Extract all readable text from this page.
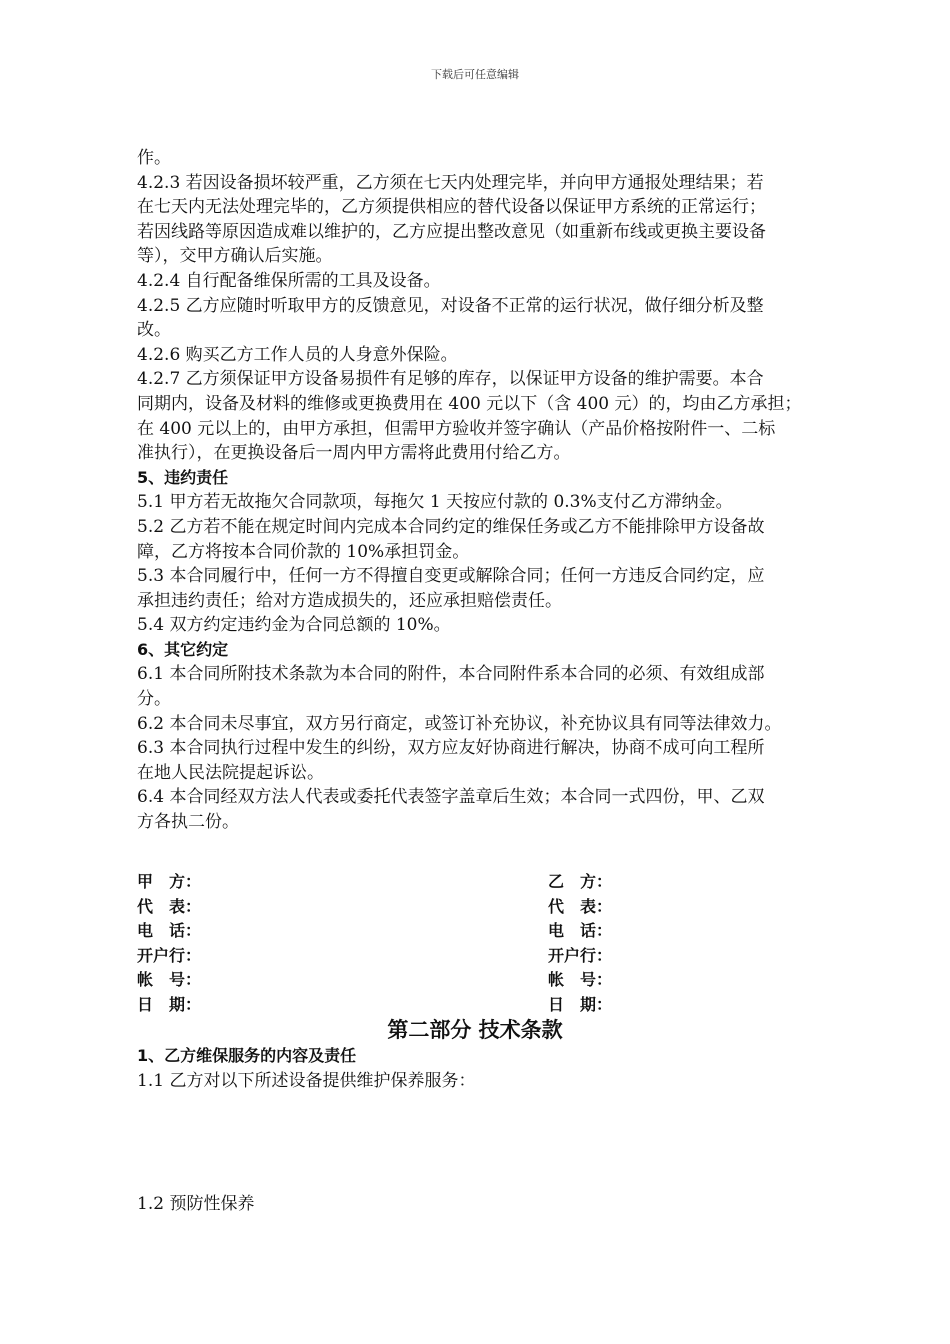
下载后可任意编辑
作。
4.2.3 若因设备损坏较严重，乙方须在七天内处理完毕，并向甲方通报处理结果；若
在七天内无法处理完毕的，乙方须提供相应的替代设备以保证甲方系统的正常运行；
若因线路等原因造成难以维护的，乙方应提出整改意见（如重新布线或更换主要设备
等），交甲方确认后实施。
4.2.4 自行配备维保所需的工具及设备。
4.2.5 乙方应随时听取甲方的反馈意见，对设备不正常的运行状况，做仔细分析及整
改。
4.2.6 购买乙方工作人员的人身意外保险。
4.2.7 乙方须保证甲方设备易损件有足够的库存，以保证甲方设备的维护需要。本合
同期内，设备及材料的维修或更换费用在 400 元以下（含 400 元）的，均由乙方承担；
在 400 元以上的，由甲方承担，但需甲方验收并签字确认（产品价格按附件一、二标
准执行），在更换设备后一周内甲方需将此费用付给乙方。
5、违约责任
5.1 甲方若无故拖欠合同款项，每拖欠 1 天按应付款的 0.3%支付乙方滞纳金。
5.2 乙方若不能在规定时间内完成本合同约定的维保任务或乙方不能排除甲方设备故
障，乙方将按本合同价款的 10%承担罚金。
5.3 本合同履行中，任何一方不得擅自变更或解除合同；任何一方违反合同约定，应
承担违约责任；给对方造成损失的，还应承担赔偿责任。
5.4 双方约定违约金为合同总额的 10%。
6、其它约定
6.1 本合同所附技术条款为本合同的附件，本合同附件系本合同的必须、有效组成部
分。
6.2 本合同未尽事宜，双方另行商定，或签订补充协议，补充协议具有同等法律效力。
6.3 本合同执行过程中发生的纠纷，双方应友好协商进行解决，协商不成可向工程所
在地人民法院提起诉讼。
6.4 本合同经双方法人代表或委托代表签字盖章后生效；本合同一式四份，甲、乙双
方各执二份。
甲　方：	乙　方：
代　表：	代　表：
电　话：	电　话：
开户行：	开户行：
帐　号：	帐　号：
日　期：	日　期：
第二部分 技术条款
1、乙方维保服务的内容及责任
1.1 乙方对以下所述设备提供维护保养服务：
1.2 预防性保养
